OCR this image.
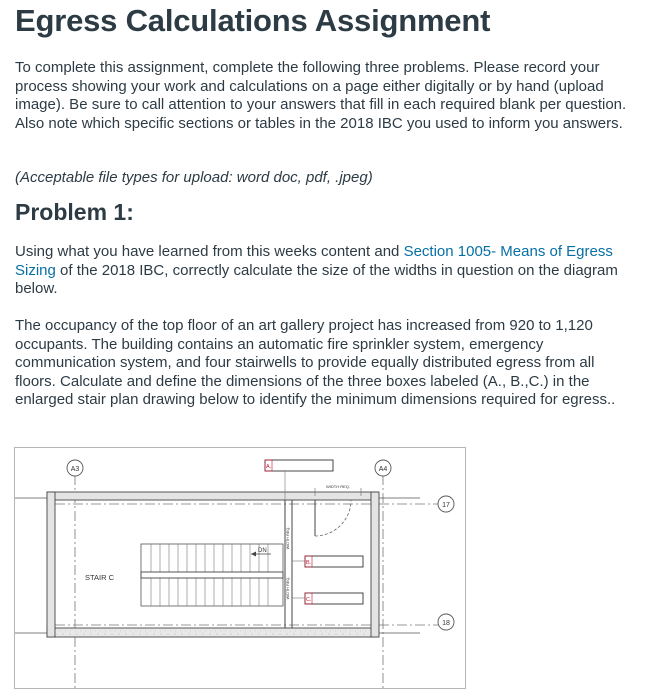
Egress Calculations Assignment

To complete this assignment, complete the following three problems. Please record your process showing your work and calculations on a page either digitally or by hand (upload image). Be sure to call attention to your answers that fill in each required blank per question. Also note which specific sections or tables in the 2018 IBC you used to inform you answers.

(Acceptable file types for upload: word doc, pdf, .jpeg)

Problem 1:

Using what you have learned from this weeks content and Section 1005- Means of Egress Sizing of the 2018 IBC, correctly calculate the size of the widths in question on the diagram below.

The occupancy of the top floor of an art gallery project has increased from 920 to 1,120 occupants. The building contains an automatic fire sprinkler system, emergency communication system, and four stairwells to provide equally distributed egress from all floors. Calculate and define the dimensions of the three boxes labeled (A., B.,C.) in the enlarged stair plan drawing below to identify the minimum dimensions required for egress..

A3	A4
17
18
DN
STAIR C
WIDTH REQ.
WIDTH REQ.
WIDTH REQ.
A.
B.
C.
